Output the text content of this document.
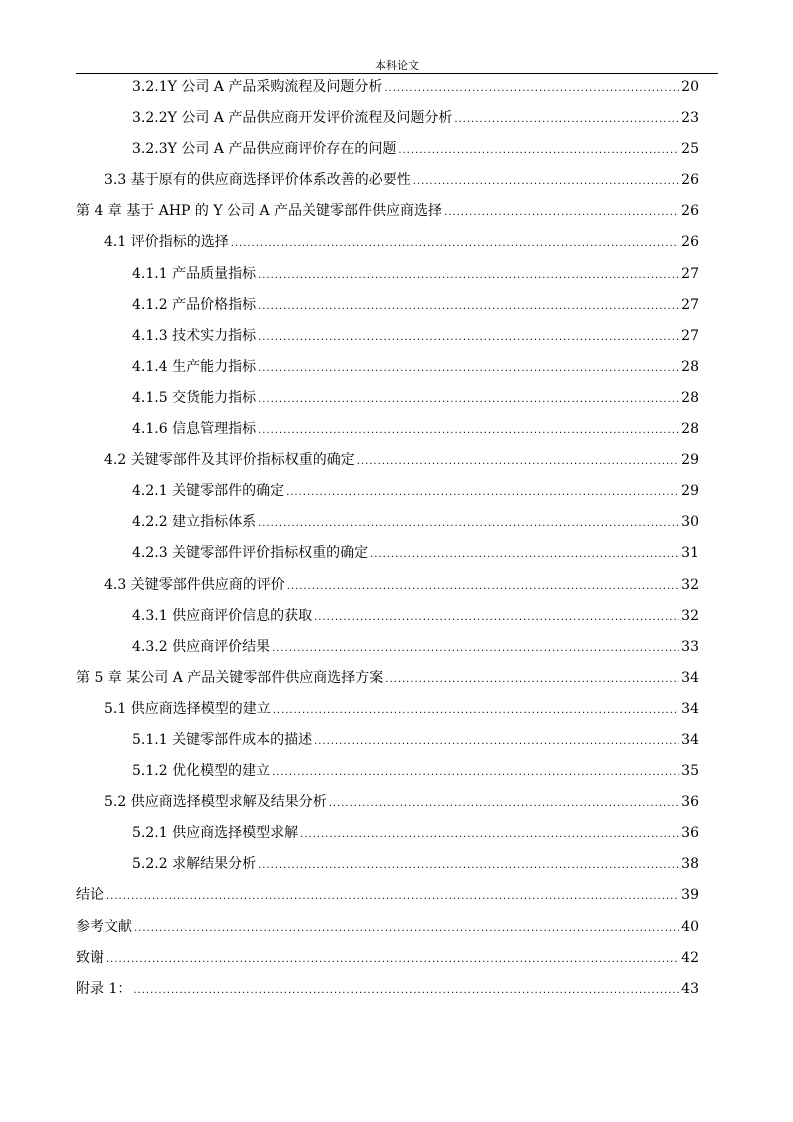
本科论文
3.2.1Y 公司 A 产品采购流程及问题分析 .....	20
3.2.2Y 公司 A 产品供应商开发评价流程及问题分析 .....	23
3.2.3Y 公司 A 产品供应商评价存在的问题 .....	25
3.3 基于原有的供应商选择评价体系改善的必要性 .....	26
第 4 章 基于 AHP 的 Y 公司 A 产品关键零部件供应商选择 .....	26
4.1 评价指标的选择 .....	26
4.1.1 产品质量指标 .....	27
4.1.2 产品价格指标 .....	27
4.1.3 技术实力指标 .....	27
4.1.4 生产能力指标 .....	28
4.1.5 交货能力指标 .....	28
4.1.6 信息管理指标 .....	28
4.2 关键零部件及其评价指标权重的确定 .....	29
4.2.1 关键零部件的确定 .....	29
4.2.2 建立指标体系 .....	30
4.2.3 关键零部件评价指标权重的确定 .....	31
4.3 关键零部件供应商的评价 .....	32
4.3.1 供应商评价信息的获取 .....	32
4.3.2 供应商评价结果 .....	33
第 5 章 某公司 A 产品关键零部件供应商选择方案 .....	34
5.1 供应商选择模型的建立 .....	34
5.1.1 关键零部件成本的描述 .....	34
5.1.2 优化模型的建立 .....	35
5.2 供应商选择模型求解及结果分析 .....	36
5.2.1 供应商选择模型求解 .....	36
5.2.2 求解结果分析 .....	38
结论 .....	39
参考文献 .....	40
致谢 .....	42
附录 1： .....	43
